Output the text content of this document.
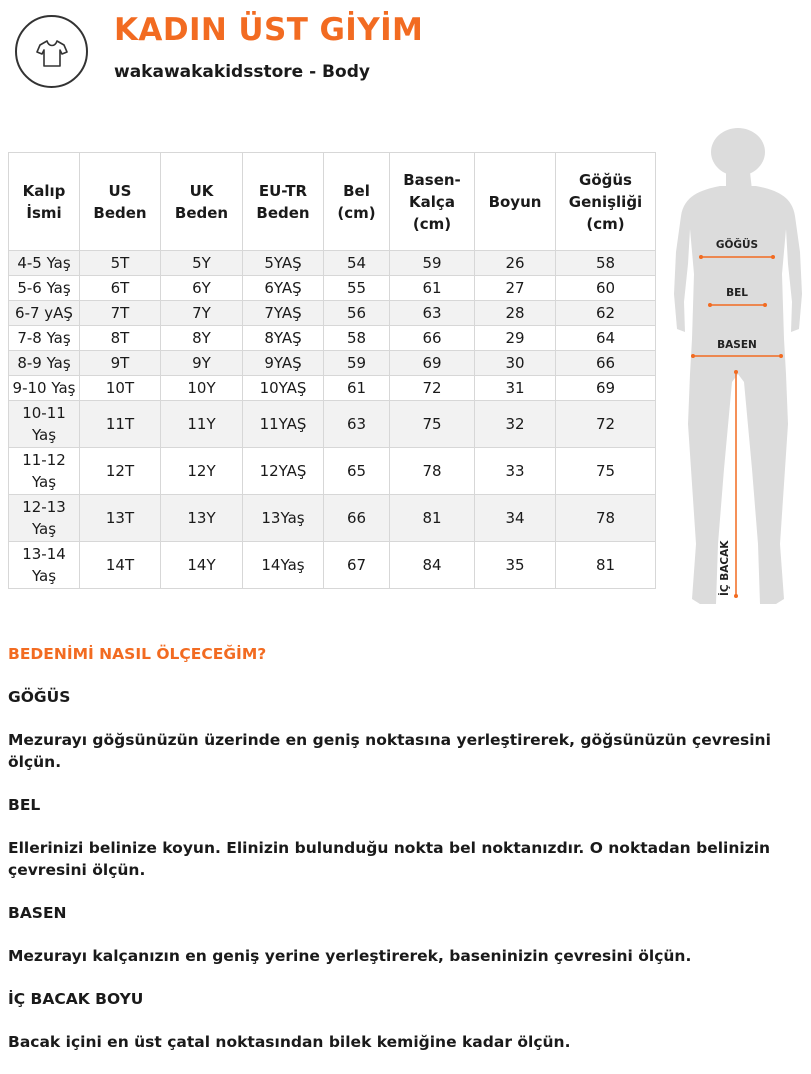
KADIN ÜST GİYİM
wakawakakidsstore - Body
Kalıp İsmi	US Beden	UK Beden	EU-TR Beden	Bel (cm)	Basen-Kalça (cm)	Boyun	Göğüs Genişliği (cm)
4-5 Yaş	5T	5Y	5YAŞ	54	59	26	58
5-6 Yaş	6T	6Y	6YAŞ	55	61	27	60
6-7 yAŞ	7T	7Y	7YAŞ	56	63	28	62
7-8 Yaş	8T	8Y	8YAŞ	58	66	29	64
8-9 Yaş	9T	9Y	9YAŞ	59	69	30	66
9-10 Yaş	10T	10Y	10YAŞ	61	72	31	69
10-11 Yaş	11T	11Y	11YAŞ	63	75	32	72
11-12 Yaş	12T	12Y	12YAŞ	65	78	33	75
12-13 Yaş	13T	13Y	13Yaş	66	81	34	78
13-14 Yaş	14T	14Y	14Yaş	67	84	35	81
GÖĞÜS
BEL
BASEN
İÇ BACAK
BEDENİMİ NASIL ÖLÇECEĞİM?
GÖĞÜS

Mezurayı göğsünüzün üzerinde en geniş noktasına yerleştirerek, göğsünüzün çevresini ölçün.

BEL

Ellerinizi belinize koyun. Elinizin bulunduğu nokta bel noktanızdır. O noktadan belinizin çevresini ölçün.

BASEN

Mezurayı kalçanızın en geniş yerine yerleştirerek, baseninizin çevresini ölçün.

İÇ BACAK BOYU

Bacak içini en üst çatal noktasından bilek kemiğine kadar ölçün.
